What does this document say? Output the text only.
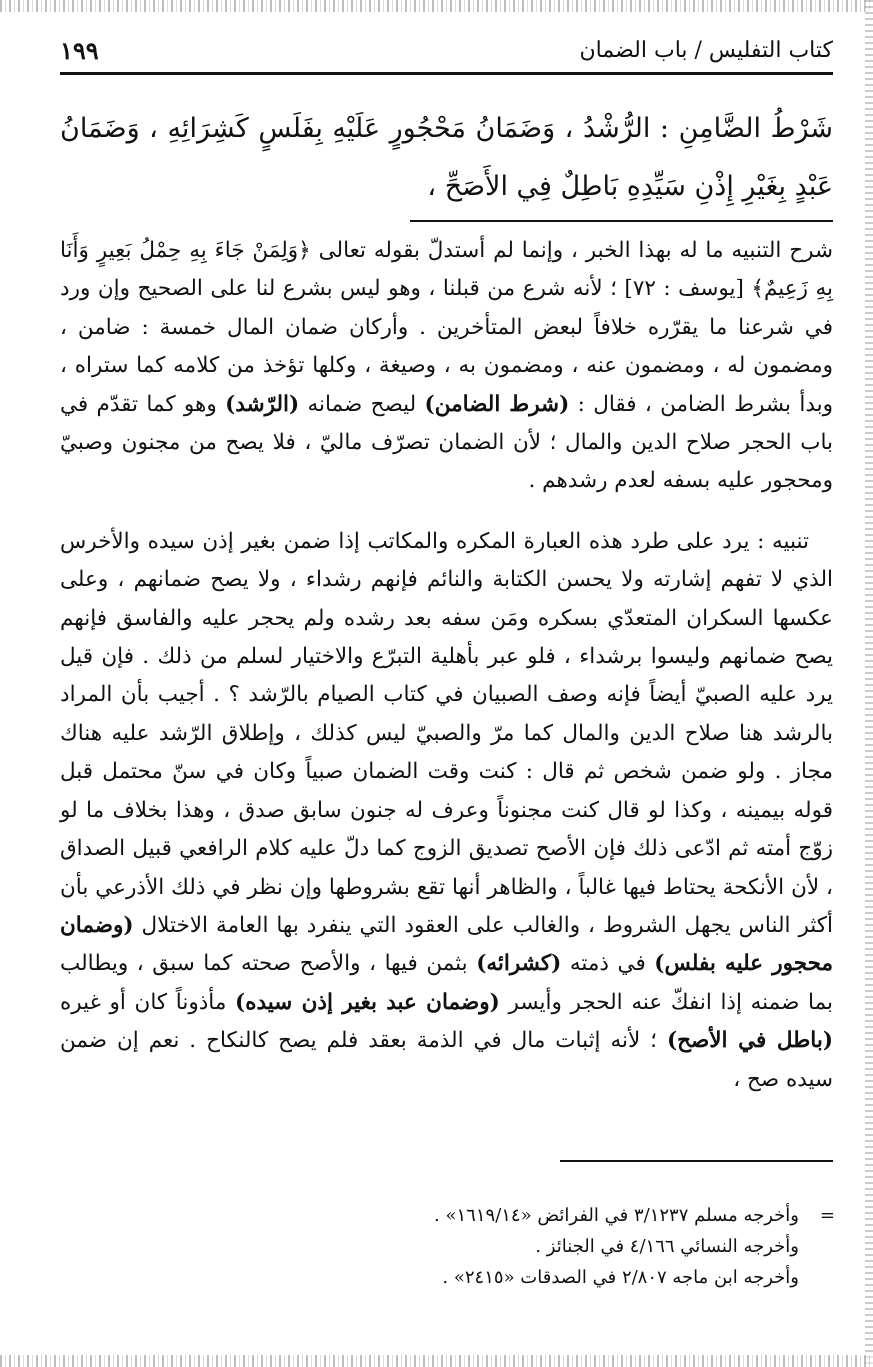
كتاب التفليس / باب الضمان
١٩٩

شَرْطُ الضَّامِنِ : الرُّشْدُ ، وَضَمَانُ مَحْجُورٍ عَلَيْهِ بِفَلَسٍ كَشِرَائِهِ ، وَضَمَانُ عَبْدٍ بِغَيْرِ إِذْنِ سَيِّدِهِ بَاطِلٌ فِي الأَصَحِّ ،

شرح التنبيه ما له بهذا الخبر ، وإنما لم أستدلّ بقوله تعالى ﴿وَلِمَنْ جَاءَ بِهِ حِمْلُ بَعِيرٍ وَأَنَا بِهِ زَعِيمٌ﴾ [يوسف : ٧٢] ؛ لأنه شرع من قبلنا ، وهو ليس بشرع لنا على الصحيح وإن ورد في شرعنا ما يقرّره خلافاً لبعض المتأخرين . وأركان ضمان المال خمسة : ضامن ، ومضمون له ، ومضمون عنه ، ومضمون به ، وصيغة ، وكلها تؤخذ من كلامه كما ستراه ، وبدأ بشرط الضامن ، فقال : (شرط الضامن) ليصح ضمانه (الرّشد) وهو كما تقدّم في باب الحجر صلاح الدين والمال ؛ لأن الضمان تصرّف ماليّ ، فلا يصح من مجنون وصبيّ ومحجور عليه بسفه لعدم رشدهم .

تنبيه : يرد على طرد هذه العبارة المكره والمكاتب إذا ضمن بغير إذن سيده والأخرس الذي لا تفهم إشارته ولا يحسن الكتابة والنائم فإنهم رشداء ، ولا يصح ضمانهم ، وعلى عكسها السكران المتعدّي بسكره ومَن سفه بعد رشده ولم يحجر عليه والفاسق فإنهم يصح ضمانهم وليسوا برشداء ، فلو عبر بأهلية التبرّع والاختيار لسلم من ذلك . فإن قيل يرد عليه الصبيّ أيضاً فإنه وصف الصبيان في كتاب الصيام بالرّشد ؟ . أجيب بأن المراد بالرشد هنا صلاح الدين والمال كما مرّ والصبيّ ليس كذلك ، وإطلاق الرّشد عليه هناك مجاز . ولو ضمن شخص ثم قال : كنت وقت الضمان صبياً وكان في سنّ محتمل قبل قوله بيمينه ، وكذا لو قال كنت مجنوناً وعرف له جنون سابق صدق ، وهذا بخلاف ما لو زوّج أمته ثم ادّعى ذلك فإن الأصح تصديق الزوج كما دلّ عليه كلام الرافعي قبيل الصداق ، لأن الأنكحة يحتاط فيها غالباً ، والظاهر أنها تقع بشروطها وإن نظر في ذلك الأذرعي بأن أكثر الناس يجهل الشروط ، والغالب على العقود التي ينفرد بها العامة الاختلال (وضمان محجور عليه بفلس) في ذمته (كشرائه) بثمن فيها ، والأصح صحته كما سبق ، ويطالب بما ضمنه إذا انفكّ عنه الحجر وأيسر (وضمان عبد بغير إذن سيده) مأذوناً كان أو غيره (باطل في الأصح) ؛ لأنه إثبات مال في الذمة بعقد فلم يصح كالنكاح . نعم إن ضمن سيده صح ،

=
وأخرجه مسلم ٣/١٢٣٧ في الفرائض «١٦١٩/١٤» .
وأخرجه النسائي ٤/١٦٦ في الجنائز .
وأخرجه ابن ماجه ٢/٨٠٧ في الصدقات «٢٤١٥» .
